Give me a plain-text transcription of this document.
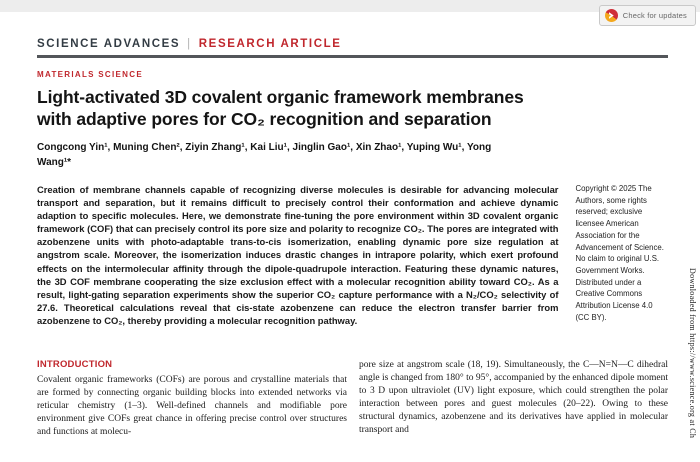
Check for updates
SCIENCE ADVANCES | RESEARCH ARTICLE
MATERIALS SCIENCE
Light-activated 3D covalent organic framework membranes with adaptive pores for CO₂ recognition and separation
Congcong Yin¹, Muning Chen², Ziyin Zhang¹, Kai Liu¹, Jinglin Gao¹, Xin Zhao¹, Yuping Wu¹, Yong Wang¹*

Creation of membrane channels capable of recognizing diverse molecules is desirable for advancing molecular transport and separation, but it remains difficult to precisely control their conformation and achieve dynamic adaption to specific molecules. Here, we demonstrate fine-tuning the pore environment within 3D covalent organic framework (COF) that can precisely control its pore size and polarity to recognize CO₂. The pores are integrated with azobenzene units with photo-adaptable trans-to-cis isomerization, enabling dynamic pore size regulation at angstrom scale. Moreover, the isomerization induces drastic changes in intrapore polarity, which exert profound effects on the intermolecular affinity through the dipole-quadrupole interaction. Featuring these dynamic natures, the 3D COF membrane cooperating the size exclusion effect with a molecular recognition ability toward CO₂. As a result, light-gating separation experiments show the superior CO₂ capture performance with a N₂/CO₂ selectivity of 27.6. Theoretical calculations reveal that cis-state azobenzene can reduce the electron transfer barrier from azobenzene to CO₂, thereby providing a molecular recognition pathway.

Copyright © 2025 The Authors, some rights reserved; exclusive licensee American Association for the Advancement of Science. No claim to original U.S. Government Works. Distributed under a Creative Commons Attribution License 4.0 (CC BY).
INTRODUCTION

Covalent organic frameworks (COFs) are porous and crystalline materials that are formed by connecting organic building blocks into extended networks via reticular chemistry (1–3). Well-defined channels and modifiable pore environment give COFs great chance in offering precise control over structures and functions at molecu-

pore size at angstrom scale (18, 19). Simultaneously, the C—N=N—C dihedral angle is changed from 180° to 95°, accompanied by the enhanced dipole moment to 3 D upon ultraviolet (UV) light exposure, which could strengthen the polar interaction between pores and guest molecules (20–22). Owing to these structural dynamics, azobenzene and its derivatives have applied in molecular transport and	Downloaded from https://www.science.org at Ch
